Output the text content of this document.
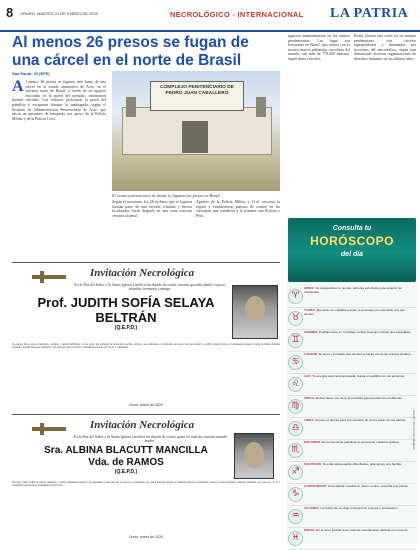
8 ORURO, MARTES 21 DE ENERO DE 2020	NECROLÓGICO - INTERNACIONAL LA PATRIA
Al menos 26 presos se fugan de una cárcel en el norte de Brasil
Sao Paulo, 20 (EFE)
COMPLEJO PENITENCIARIO DE PEDRO JUAN CABALLERO
El centro penitenciario de donde se fugaron los presos en Brasil

Al menos 26 presos se fugaron este lunes de una cárcel en el estado amazónico de Acre, en el extremo norte de Brasil, a través de un agujero excavado en la pared del presidio, informaron fuentes oficiales. Los reclusos perforaron la pared del pabellón y escaparon durante la madrugada, según el Instituto de Administración Penitenciaria de Acre, que inició un operativo de búsqueda con apoyo de la Policía Militar y de la Policía Civil.

Según el secretario, los 26 reclusos que se fugaron forman parte de una facción criminal y fueron localizados horas después en una zona boscosa cercana al penal.

Agentes de la Policía Militar y Civil cercaron la región y establecieron puestos de control en las carreteras que conducen a la frontera con Bolivia y Perú.

riguroso mantenimiento en los centros penitenciarios. Las fugas son frecuentes en Brasil, que cuenta con la tercera mayor población carcelaria del mundo, con más de 770.000 internos, según datos oficiales.

Brasil afronta una crisis en su sistema penitenciario con cárceles superpobladas y dominadas por facciones del narcotráfico, según han denunciado diversas organizaciones de derechos humanos en los últimos años.

Invitación Necrológica
En la Paz del Señor y la Santa Iglesia Católica ha dejado de existir nuestra querida madre, esposa, abuelita, hermana y amiga:
Prof. JUDITH SOFÍA SELAYA
BELTRÁN
(Q.E.P.D.)
Su esposo, hijos, nietos, hermanos, sobrinos y demás familiares, con el dolor que embarga su irreparable partida, invitan a sus amistades a acompañar sus restos mortales desde la capilla velatoria hasta el Cementerio General, donde recibirán cristiana sepultura. Agradecemos de antemano a las personas que se sirvan acompañarnos en este acto de fe y cristiandad.
Oruro, enero de 2020
Invitación Necrológica
En la Paz del Señor y la Santa Iglesia Católica ha dejado de existir quien en vida fue nuestra amada madre:
Sra. ALBINA BLACUTT MANCILLA
Vda. de RAMOS
(Q.E.P.D.)
Sus hijos, hijas políticas, nietos, bisnietos y demás familiares invitan a sus amistades y personas de su aprecio a acompañar sus restos mortales desde su domicilio hasta el Cementerio General, donde recibirán cristiana sepultura. Por este acto de fe y cristiandad quedaremos eternamente agradecidos.
Oruro, enero de 2020
Consulta tu
HORÓSCOPO
del día
♈
ARIES: No desperdicies tu tiempo, deberás esforzarte para superar los obstáculos.
♉
TAURO: Escucha con cuidado a quien te aconseja; pon atención a lo que sientes.
♊
GÉMINIS: Posiblemente en tu trabajo recibas buenas noticias que esperabas.
♋
CÁNCER: El amor y la ilusión que sientes te harán crecer de manera positiva.
♌
LEO: Tu energía será recompensada; busca el equilibrio en tus acciones.
♍
VIRGO: Debes hacer uso de tu creatividad para resolver los problemas.
♎
LIBRA: Posees el talento para comunicarte de forma clara con los demás.
♏
ESCORPIO: Es conveniente planificar tu economía; cuida tus gastos.
♐
SAGITARIO: Si estás atravesando dificultades, pide apoyo a tu familia.
♑
CAPRICORNIO: Una relación tomará un nuevo rumbo; escucha a tu pareja.
♒
ACUARIO: La ilusión de un viaje te llenará de energía y entusiasmo.
♓
PISCIS: En el amor podrás tener buenas experiencias; disfruta el momento.
Diseño: Sección Necrológicos
